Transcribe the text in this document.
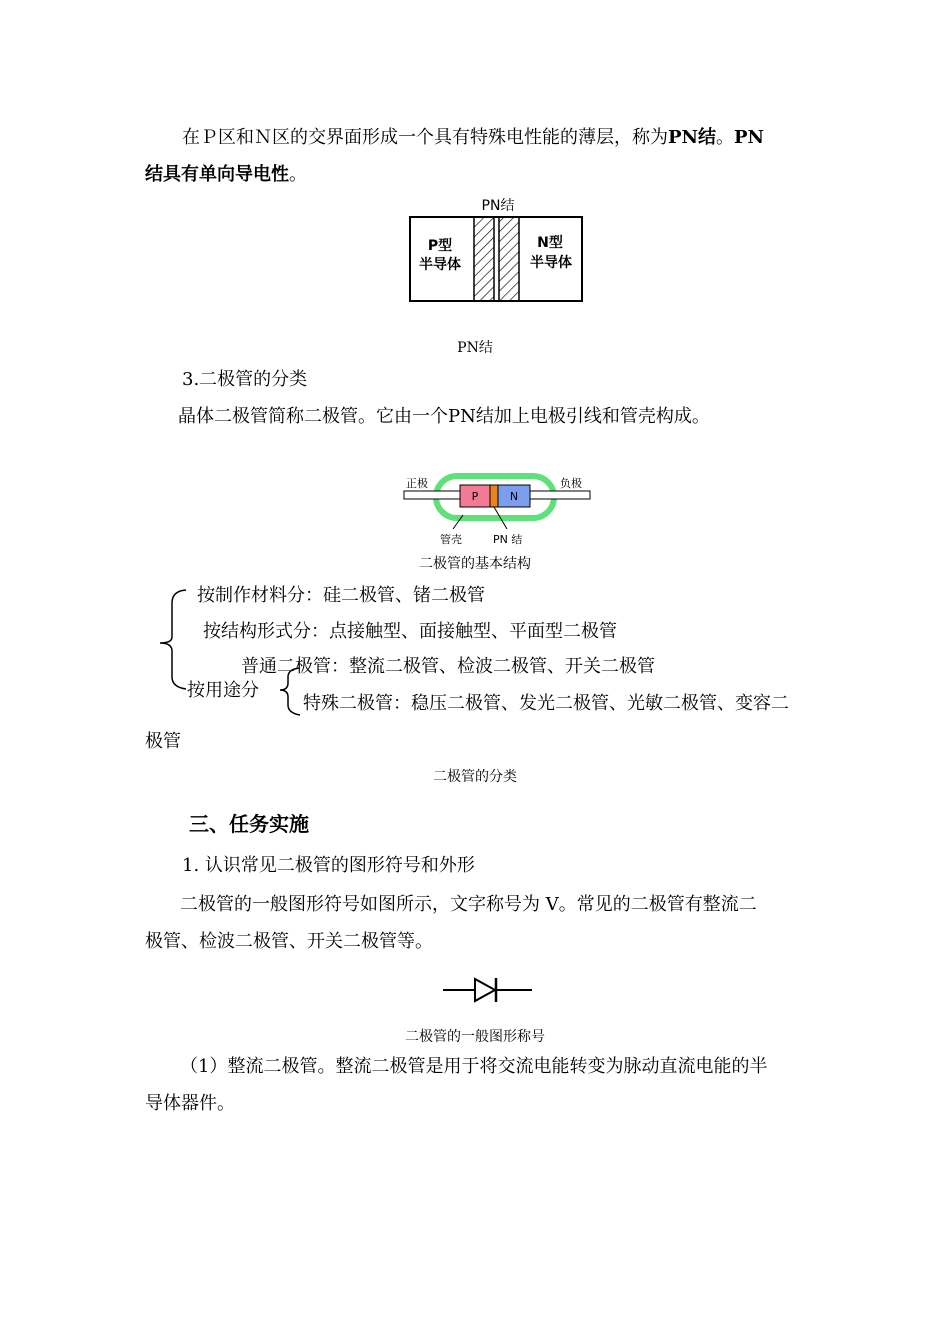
在Ｐ区和Ｎ区的交界面形成一个具有特殊电性能的薄层，称为PN结。PN
结具有单向导电性。
PN结
P型
半导体
N型
半导体
PN结
3.二极管的分类
晶体二极管简称二极管。它由一个PN结加上电极引线和管壳构成。
P	N
正极	负极
管壳	PN 结
二极管的基本结构
按制作材料分：硅二极管、锗二极管
按结构形式分：点接触型、面接触型、平面型二极管
普通二极管：整流二极管、检波二极管、开关二极管
按用途分
特殊二极管：稳压二极管、发光二极管、光敏二极管、变容二
极管
二极管的分类
三、任务实施
1. 认识常见二极管的图形符号和外形
二极管的一般图形符号如图所示，文字称号为 V。常见的二极管有整流二
极管、检波二极管、开关二极管等。
二极管的一般图形称号
（1）整流二极管。整流二极管是用于将交流电能转变为脉动直流电能的半
导体器件。
